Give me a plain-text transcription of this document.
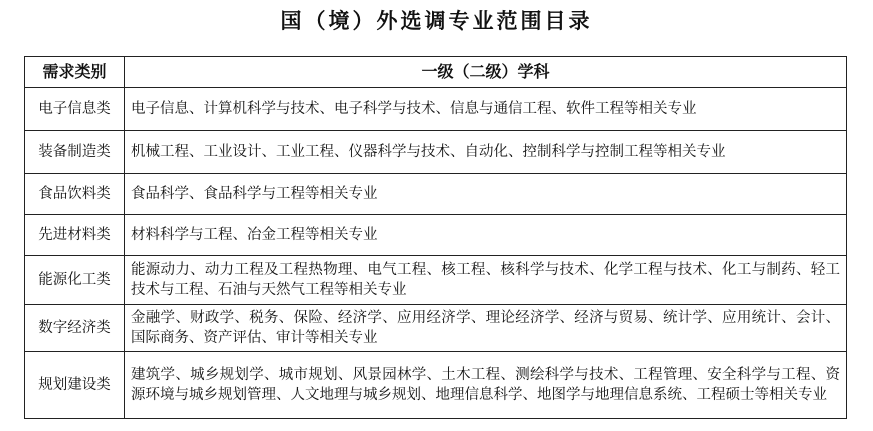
国（境）外选调专业范围目录
需求类别	一级（二级）学科
电子信息类	电子信息、计算机科学与技术、电子科学与技术、信息与通信工程、软件工程等相关专业
装备制造类	机械工程、工业设计、工业工程、仪器科学与技术、自动化、控制科学与控制工程等相关专业
食品饮料类	食品科学、食品科学与工程等相关专业
先进材料类	材料科学与工程、冶金工程等相关专业
能源化工类	能源动力、动力工程及工程热物理、电气工程、核工程、核科学与技术、化学工程与技术、化工与制药、轻工技术与工程、石油与天然气工程等相关专业
数字经济类	金融学、财政学、税务、保险、经济学、应用经济学、理论经济学、经济与贸易、统计学、应用统计、会计、国际商务、资产评估、审计等相关专业
规划建设类	建筑学、城乡规划学、城市规划、风景园林学、土木工程、测绘科学与技术、工程管理、安全科学与工程、资源环境与城乡规划管理、人文地理与城乡规划、地理信息科学、地图学与地理信息系统、工程硕士等相关专业
